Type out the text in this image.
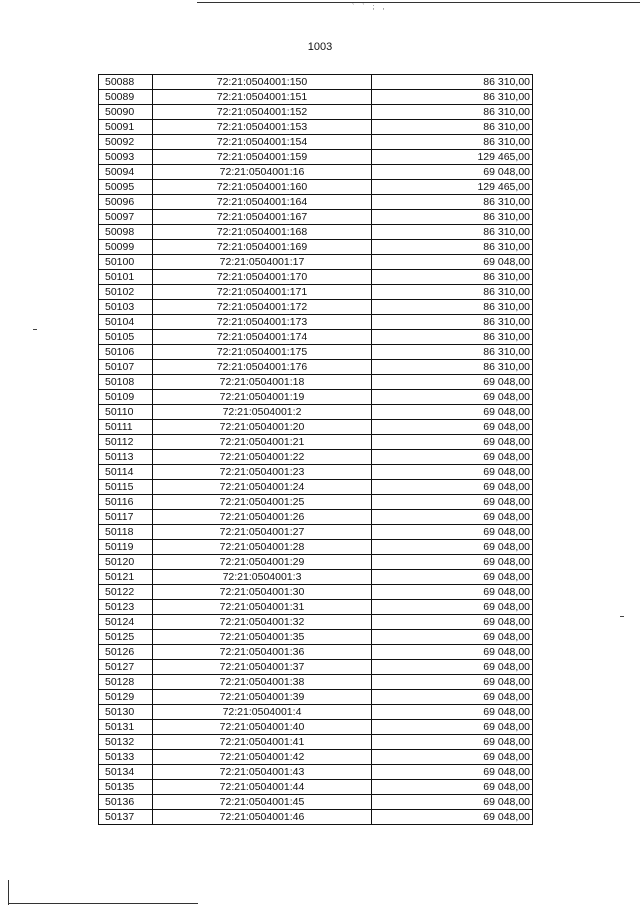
` ` ; ,
1003
50088	72:21:0504001:150	86 310,00
50089	72:21:0504001:151	86 310,00
50090	72:21:0504001:152	86 310,00
50091	72:21:0504001:153	86 310,00
50092	72:21:0504001:154	86 310,00
50093	72:21:0504001:159	129 465,00
50094	72:21:0504001:16	69 048,00
50095	72:21:0504001:160	129 465,00
50096	72:21:0504001:164	86 310,00
50097	72:21:0504001:167	86 310,00
50098	72:21:0504001:168	86 310,00
50099	72:21:0504001:169	86 310,00
50100	72:21:0504001:17	69 048,00
50101	72:21:0504001:170	86 310,00
50102	72:21:0504001:171	86 310,00
50103	72:21:0504001:172	86 310,00
50104	72:21:0504001:173	86 310,00
50105	72:21:0504001:174	86 310,00
50106	72:21:0504001:175	86 310,00
50107	72:21:0504001:176	86 310,00
50108	72:21:0504001:18	69 048,00
50109	72:21:0504001:19	69 048,00
50110	72:21:0504001:2	69 048,00
50111	72:21:0504001:20	69 048,00
50112	72:21:0504001:21	69 048,00
50113	72:21:0504001:22	69 048,00
50114	72:21:0504001:23	69 048,00
50115	72:21:0504001:24	69 048,00
50116	72:21:0504001:25	69 048,00
50117	72:21:0504001:26	69 048,00
50118	72:21:0504001:27	69 048,00
50119	72:21:0504001:28	69 048,00
50120	72:21:0504001:29	69 048,00
50121	72:21:0504001:3	69 048,00
50122	72:21:0504001:30	69 048,00
50123	72:21:0504001:31	69 048,00
50124	72:21:0504001:32	69 048,00
50125	72:21:0504001:35	69 048,00
50126	72:21:0504001:36	69 048,00
50127	72:21:0504001:37	69 048,00
50128	72:21:0504001:38	69 048,00
50129	72:21:0504001:39	69 048,00
50130	72:21:0504001:4	69 048,00
50131	72:21:0504001:40	69 048,00
50132	72:21:0504001:41	69 048,00
50133	72:21:0504001:42	69 048,00
50134	72:21:0504001:43	69 048,00
50135	72:21:0504001:44	69 048,00
50136	72:21:0504001:45	69 048,00
50137	72:21:0504001:46	69 048,00
